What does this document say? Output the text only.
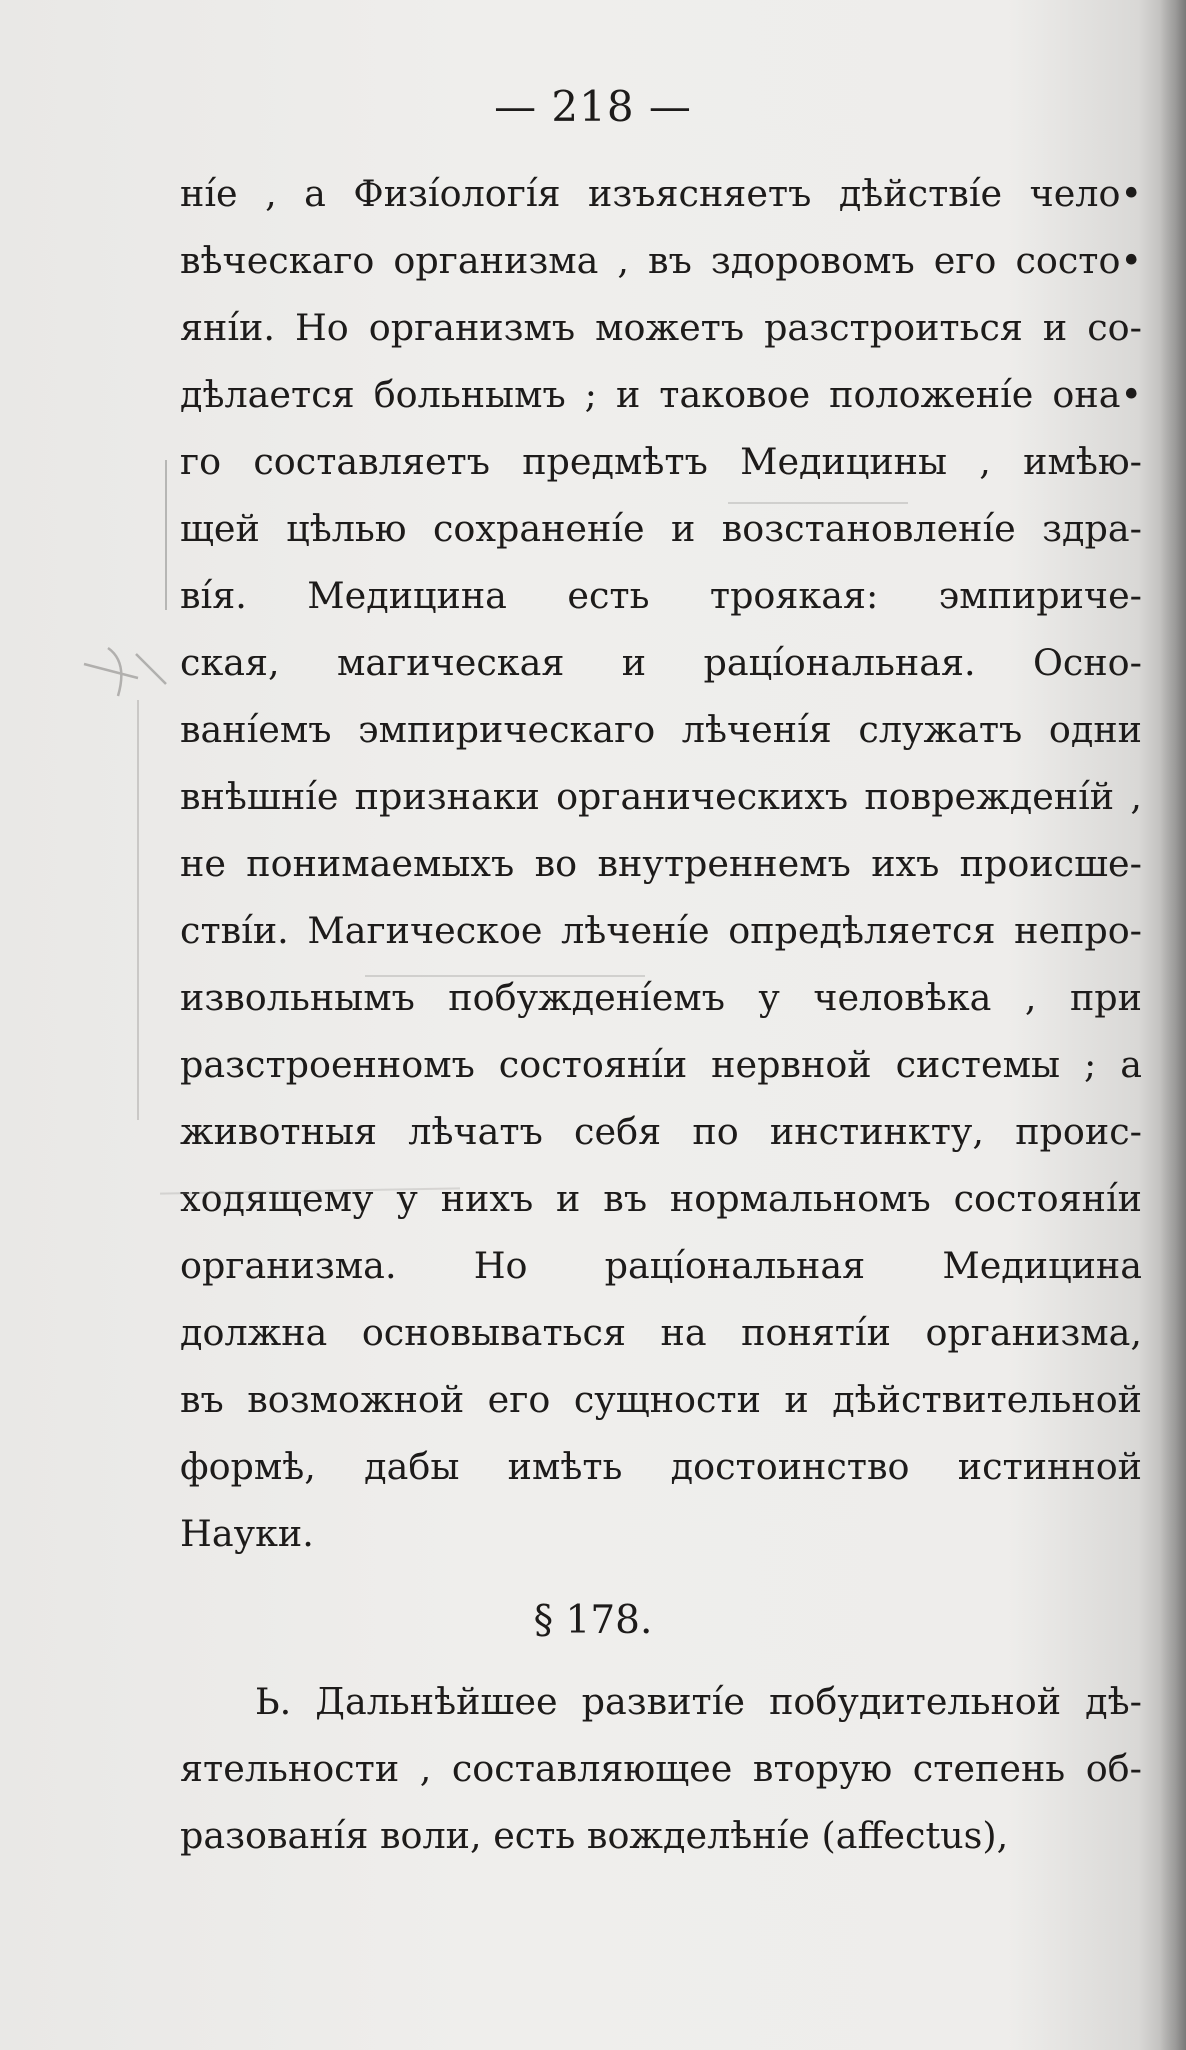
— 218 —
нíе , а Физíологíя изъясняетъ дѣйствíе чело•
вѣческаго организма , въ здоровомъ его состо•
янíи. Но организмъ можетъ разстроиться и со-
дѣлается больнымъ ; и таковое положенíе она•
го составляетъ предмѣтъ Медицины , имѣю-
щей цѣлью сохраненíе и возстановленíе здра-
вíя. Медицина есть троякая: эмпириче-
ская, магическая и рацíональная. Осно-
ванíемъ эмпирическаго лѣченíя служатъ одни
внѣшнíе признаки органическихъ поврежденíй ,
не понимаемыхъ во внутреннемъ ихъ происше-
ствíи. Магическое лѣченíе опредѣляется непро-
извольнымъ побужденíемъ у человѣка , при
разстроенномъ состоянíи нервной системы ; а
животныя лѣчатъ себя по инстинкту, проис-
ходящему у нихъ и въ нормальномъ состоянíи
организма. Но рацíональная Медицина
должна основываться на понятíи организма,
въ возможной его сущности и дѣйствительной
формѣ, дабы имѣть достоинство истинной
Науки.
§ 178.
Ь. Дальнѣйшее развитíе побудительной дѣ-
ятельности , составляющее вторую степень об-
разованíя воли, есть вожделѣнíе (affectus),
